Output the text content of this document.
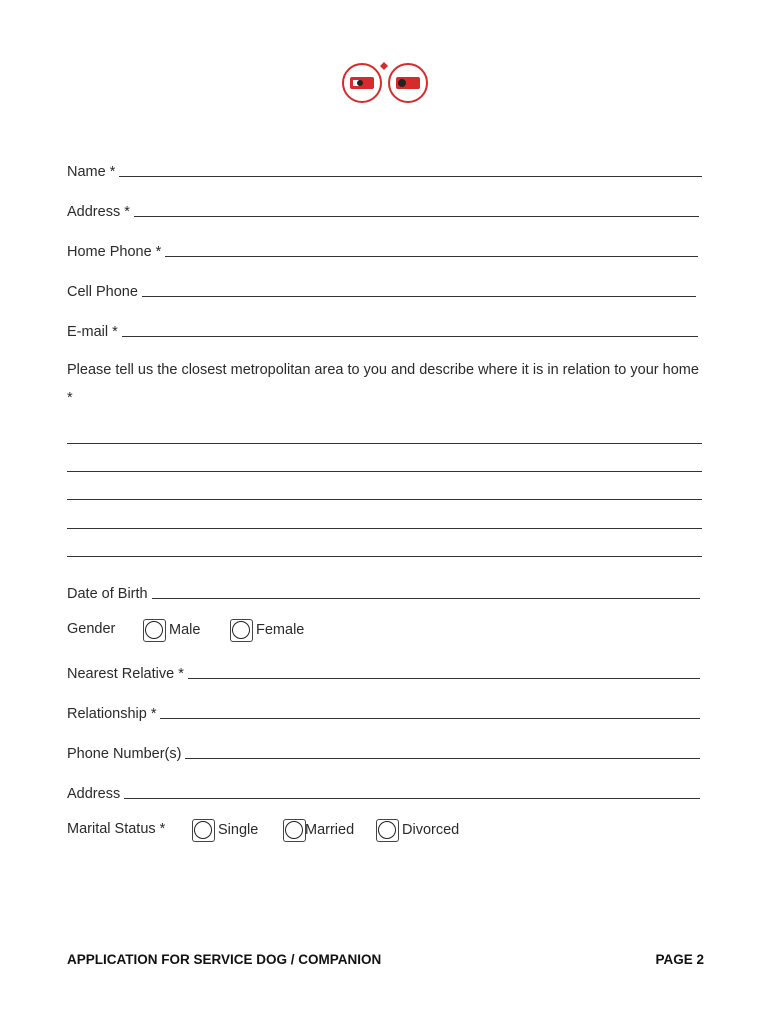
Name *
Address *
Home Phone *
Cell Phone
E-mail *
Please tell us the closest metropolitan area to you and describe where it is in relation to your home *
Date of Birth
Gender	Male	Female
Nearest Relative *
Relationship *
Phone Number(s)
Address
Marital Status *	Single	Married	Divorced
APPLICATION FOR SERVICE DOG / COMPANION	PAGE 2
